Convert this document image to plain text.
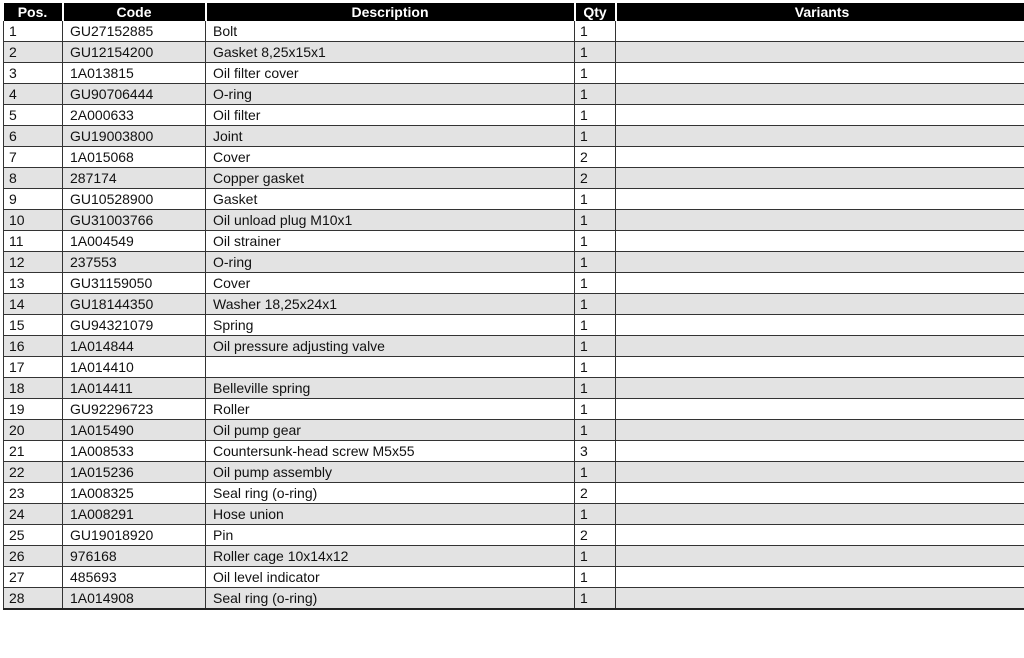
Pos.	Code	Description	Qty	Variants
1	GU27152885	Bolt	1	
2	GU12154200	Gasket 8,25x15x1	1	
3	1A013815	Oil filter cover	1	
4	GU90706444	O-ring	1	
5	2A000633	Oil filter	1	
6	GU19003800	Joint	1	
7	1A015068	Cover	2	
8	287174	Copper gasket	2	
9	GU10528900	Gasket	1	
10	GU31003766	Oil unload plug M10x1	1	
11	1A004549	Oil strainer	1	
12	237553	O-ring	1	
13	GU31159050	Cover	1	
14	GU18144350	Washer 18,25x24x1	1	
15	GU94321079	Spring	1	
16	1A014844	Oil pressure adjusting valve	1	
17	1A014410		1	
18	1A014411	Belleville spring	1	
19	GU92296723	Roller	1	
20	1A015490	Oil pump gear	1	
21	1A008533	Countersunk-head screw M5x55	3	
22	1A015236	Oil pump assembly	1	
23	1A008325	Seal ring (o-ring)	2	
24	1A008291	Hose union	1	
25	GU19018920	Pin	2	
26	976168	Roller cage 10x14x12	1	
27	485693	Oil level indicator	1	
28	1A014908	Seal ring (o-ring)	1	
